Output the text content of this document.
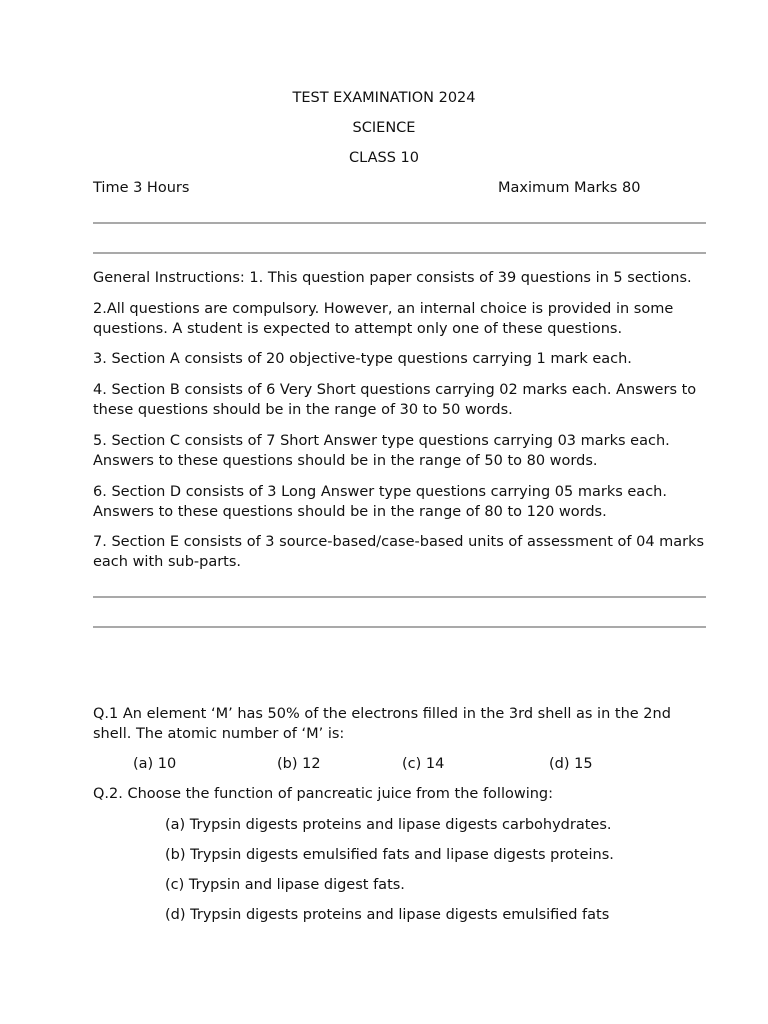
TEST EXAMINATION 2024
SCIENCE
CLASS 10
Time 3 Hours	Maximum Marks 80

General Instructions: 1. This question paper consists of 39 questions in 5 sections.

2.All questions are compulsory. However, an internal choice is provided in some questions. A student is expected to attempt only one of these questions.

3. Section A consists of 20 objective-type questions carrying 1 mark each.

4. Section B consists of 6 Very Short questions carrying 02 marks each. Answers to these questions should be in the range of 30 to 50 words.

5. Section C consists of 7 Short Answer type questions carrying 03 marks each. Answers to these questions should be in the range of 50 to 80 words.

6. Section D consists of 3 Long Answer type questions carrying 05 marks each. Answers to these questions should be in the range of 80 to 120 words.

7. Section E consists of 3 source-based/case-based units of assessment of 04 marks each with sub-parts.

Q.1 An element ‘M’ has 50% of the electrons filled in the 3rd shell as in the 2nd shell. The atomic number of ‘M’ is:

(a) 10	(b) 12	(c) 14	(d) 15

Q.2. Choose the function of pancreatic juice from the following:

(a) Trypsin digests proteins and lipase digests carbohydrates.
(b) Trypsin digests emulsified fats and lipase digests proteins.
(c) Trypsin and lipase digest fats.
(d) Trypsin digests proteins and lipase digests emulsified fats
